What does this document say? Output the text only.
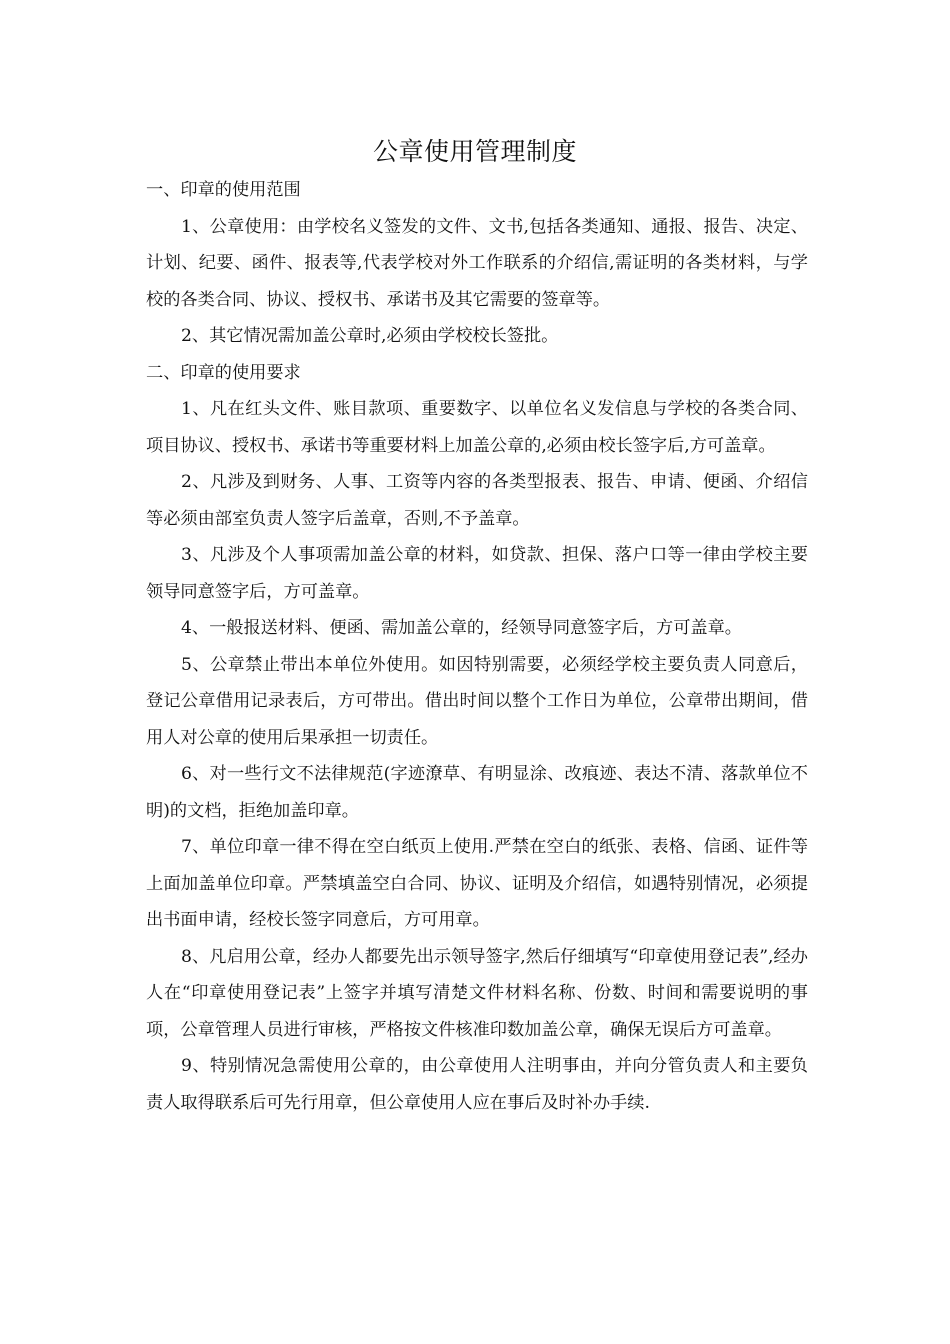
公章使用管理制度

一、印章的使用范围

1、公章使用：由学校名义签发的文件、文书,包括各类通知、通报、报告、决定、计划、纪要、函件、报表等,代表学校对外工作联系的介绍信,需证明的各类材料，与学校的各类合同、协议、授权书、承诺书及其它需要的签章等。

2、其它情况需加盖公章时,必须由学校校长签批。

二、印章的使用要求

1、凡在红头文件、账目款项、重要数字、以单位名义发信息与学校的各类合同、项目协议、授权书、承诺书等重要材料上加盖公章的,必须由校长签字后,方可盖章。

2、凡涉及到财务、人事、工资等内容的各类型报表、报告、申请、便函、介绍信等必须由部室负责人签字后盖章，否则,不予盖章。

3、凡涉及个人事项需加盖公章的材料，如贷款、担保、落户口等一律由学校主要领导同意签字后，方可盖章。

4、一般报送材料、便函、需加盖公章的，经领导同意签字后，方可盖章。

5、公章禁止带出本单位外使用。如因特别需要，必须经学校主要负责人同意后，登记公章借用记录表后，方可带出。借出时间以整个工作日为单位，公章带出期间，借用人对公章的使用后果承担一切责任。

6、对一些行文不法律规范(字迹潦草、有明显涂、改痕迹、表达不清、落款单位不明)的文档，拒绝加盖印章。

7、单位印章一律不得在空白纸页上使用.严禁在空白的纸张、表格、信函、证件等上面加盖单位印章。严禁填盖空白合同、协议、证明及介绍信，如遇特别情况，必须提出书面申请，经校长签字同意后，方可用章。

8、凡启用公章，经办人都要先出示领导签字,然后仔细填写“印章使用登记表”,经办人在“印章使用登记表”上签字并填写清楚文件材料名称、份数、时间和需要说明的事项，公章管理人员进行审核，严格按文件核准印数加盖公章，确保无误后方可盖章。

9、特别情况急需使用公章的，由公章使用人注明事由，并向分管负责人和主要负责人取得联系后可先行用章，但公章使用人应在事后及时补办手续.
